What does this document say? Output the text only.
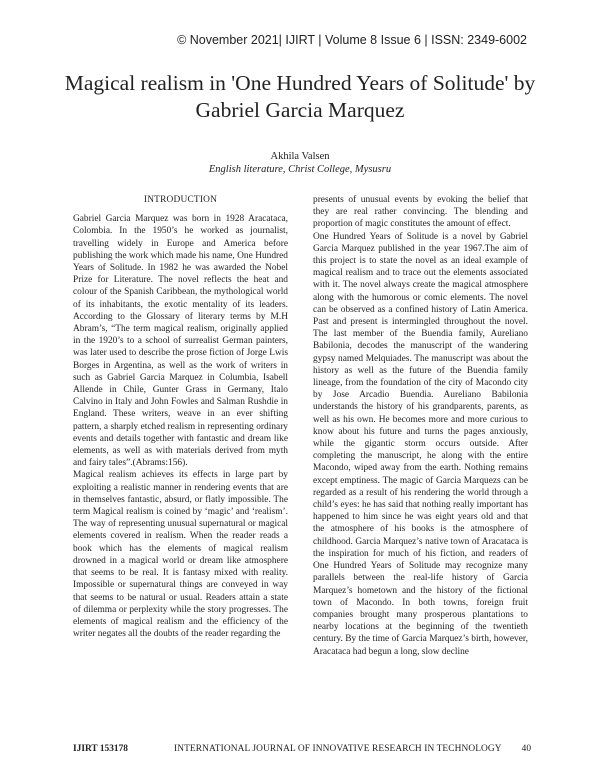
© November 2021| IJIRT | Volume 8 Issue 6 | ISSN: 2349-6002
Magical realism in 'One Hundred Years of Solitude' by Gabriel Garcia Marquez
Akhila Valsen
English literature, Christ College, Mysusru
INTRODUCTION

Gabriel Garcia Marquez was born in 1928 Aracataca, Colombia. In the 1950’s he worked as journalist, travelling widely in Europe and America before publishing the work which made his name, One Hundred Years of Solitude. In 1982 he was awarded the Nobel Prize for Literature. The novel reflects the heat and colour of the Spanish Caribbean, the mythological world of its inhabitants, the exotic mentality of its leaders. According to the Glossary of literary terms by M.H Abram’s, “The term magical realism, originally applied in the 1920’s to a school of surrealist German painters, was later used to describe the prose fiction of Jorge Lwis Borges in Argentina, as well as the work of writers in such as Gabriel Garcia Marquez in Columbia, Isabell Allende in Chile, Gunter Grass in Germany, Italo Calvino in Italy and John Fowles and Salman Rushdie in England. These writers, weave in an ever shifting pattern, a sharply etched realism in representing ordinary events and details together with fantastic and dream like elements, as well as with materials derived from myth and fairy tales”.(Abrams:156).

Magical realism achieves its effects in large part by exploiting a realistic manner in rendering events that are in themselves fantastic, absurd, or flatly impossible. The term Magical realism is coined by ‘magic’ and ‘realism’. The way of representing unusual supernatural or magical elements covered in realism. When the reader reads a book which has the elements of magical realism drowned in a magical world or dream like atmosphere that seems to be real. It is fantasy mixed with reality. Impossible or supernatural things are conveyed in way that seems to be natural or usual. Readers attain a state of dilemma or perplexity while the story progresses. The elements of magical realism and the efficiency of the writer negates all the doubts of the reader regarding the

presents of unusual events by evoking the belief that they are real rather convincing. The blending and proportion of magic constitutes the amount of effect.

One Hundred Years of Solitude is a novel by Gabriel Garcia Marquez published in the year 1967.The aim of this project is to state the novel as an ideal example of magical realism and to trace out the elements associated with it. The novel always create the magical atmosphere along with the humorous or comic elements. The novel can be observed as a confined history of Latin America. Past and present is intermingled throughout the novel. The last member of the Buendia family, Aureliano Babilonia, decodes the manuscript of the wandering gypsy named Melquiades. The manuscript was about the history as well as the future of the Buendia family lineage, from the foundation of the city of Macondo city by Jose Arcadio Buendia. Aureliano Babilonia understands the history of his grandparents, parents, as well as his own. He becomes more and more curious to know about his future and turns the pages anxiously, while the gigantic storm occurs outside. After completing the manuscript, he along with the entire Macondo, wiped away from the earth. Nothing remains except emptiness. The magic of Garcia Marquezs can be regarded as a result of his rendering the world through a child’s eyes: he has said that nothing really important has happened to him since he was eight years old and that the atmosphere of his books is the atmosphere of childhood. Garcia Marquez’s native town of Aracataca is the inspiration for much of his fiction, and readers of One Hundred Years of Solitude may recognize many parallels between the real-life history of Garcia Marquez’s hometown and the history of the fictional town of Macondo. In both towns, foreign fruit companies brought many prosperous plantations to nearby locations at the beginning of the twentieth century. By the time of Garcia Marquez’s birth, however, Aracataca had begun a long, slow decline

IJIRT 153178	INTERNATIONAL JOURNAL OF INNOVATIVE RESEARCH IN TECHNOLOGY 40
